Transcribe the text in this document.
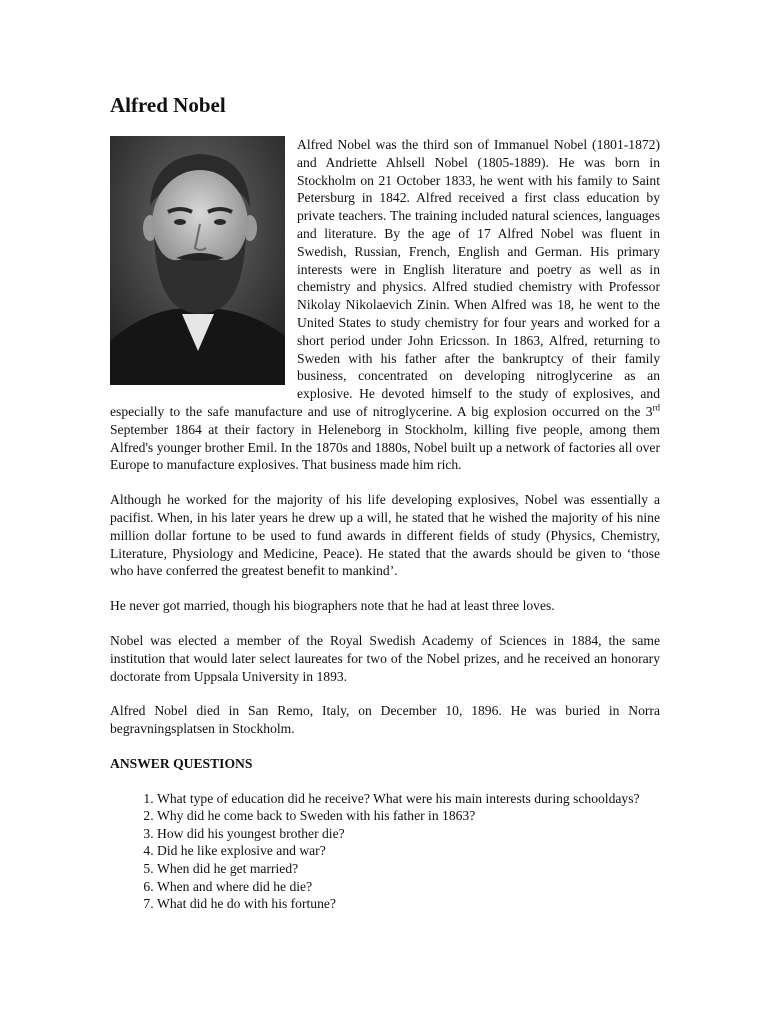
Alfred Nobel

Alfred Nobel was the third son of Immanuel Nobel (1801-1872) and Andriette Ahlsell Nobel (1805-1889). He was born in Stockholm on 21 October 1833, he went with his family to Saint Petersburg in 1842. Alfred received a first class education by private teachers. The training included natural sciences, languages and literature. By the age of 17 Alfred Nobel was fluent in Swedish, Russian, French, English and German. His primary interests were in English literature and poetry as well as in chemistry and physics. Alfred studied chemistry with Professor Nikolay Nikolaevich Zinin. When Alfred was 18, he went to the United States to study chemistry for four years and worked for a short period under John Ericsson. In 1863, Alfred, returning to Sweden with his father after the bankruptcy of their family business, concentrated on developing nitroglycerine as an explosive. He devoted himself to the study of explosives, and especially to the safe manufacture and use of nitroglycerine. A big explosion occurred on the 3rd September 1864 at their factory in Heleneborg in Stockholm, killing five people, among them Alfred's younger brother Emil. In the 1870s and 1880s, Nobel built up a network of factories all over Europe to manufacture explosives. That business made him rich.

Although he worked for the majority of his life developing explosives, Nobel was essentially a pacifist. When, in his later years he drew up a will, he stated that he wished the majority of his nine million dollar fortune to be used to fund awards in different fields of study (Physics, Chemistry, Literature, Physiology and Medicine, Peace). He stated that the awards should be given to ‘those who have conferred the greatest benefit to mankind’.

He never got married, though his biographers note that he had at least three loves.

Nobel was elected a member of the Royal Swedish Academy of Sciences in 1884, the same institution that would later select laureates for two of the Nobel prizes, and he received an honorary doctorate from Uppsala University in 1893.

Alfred Nobel died in San Remo, Italy, on December 10, 1896. He was buried in Norra begravningsplatsen in Stockholm.

ANSWER QUESTIONS
1. What type of education did he receive? What were his main interests during schooldays?
2. Why did he come back to Sweden with his father in 1863?
3. How did his youngest brother die?
4. Did he like explosive and war?
5. When did he get married?
6. When and where did he die?
7. What did he do with his fortune?
